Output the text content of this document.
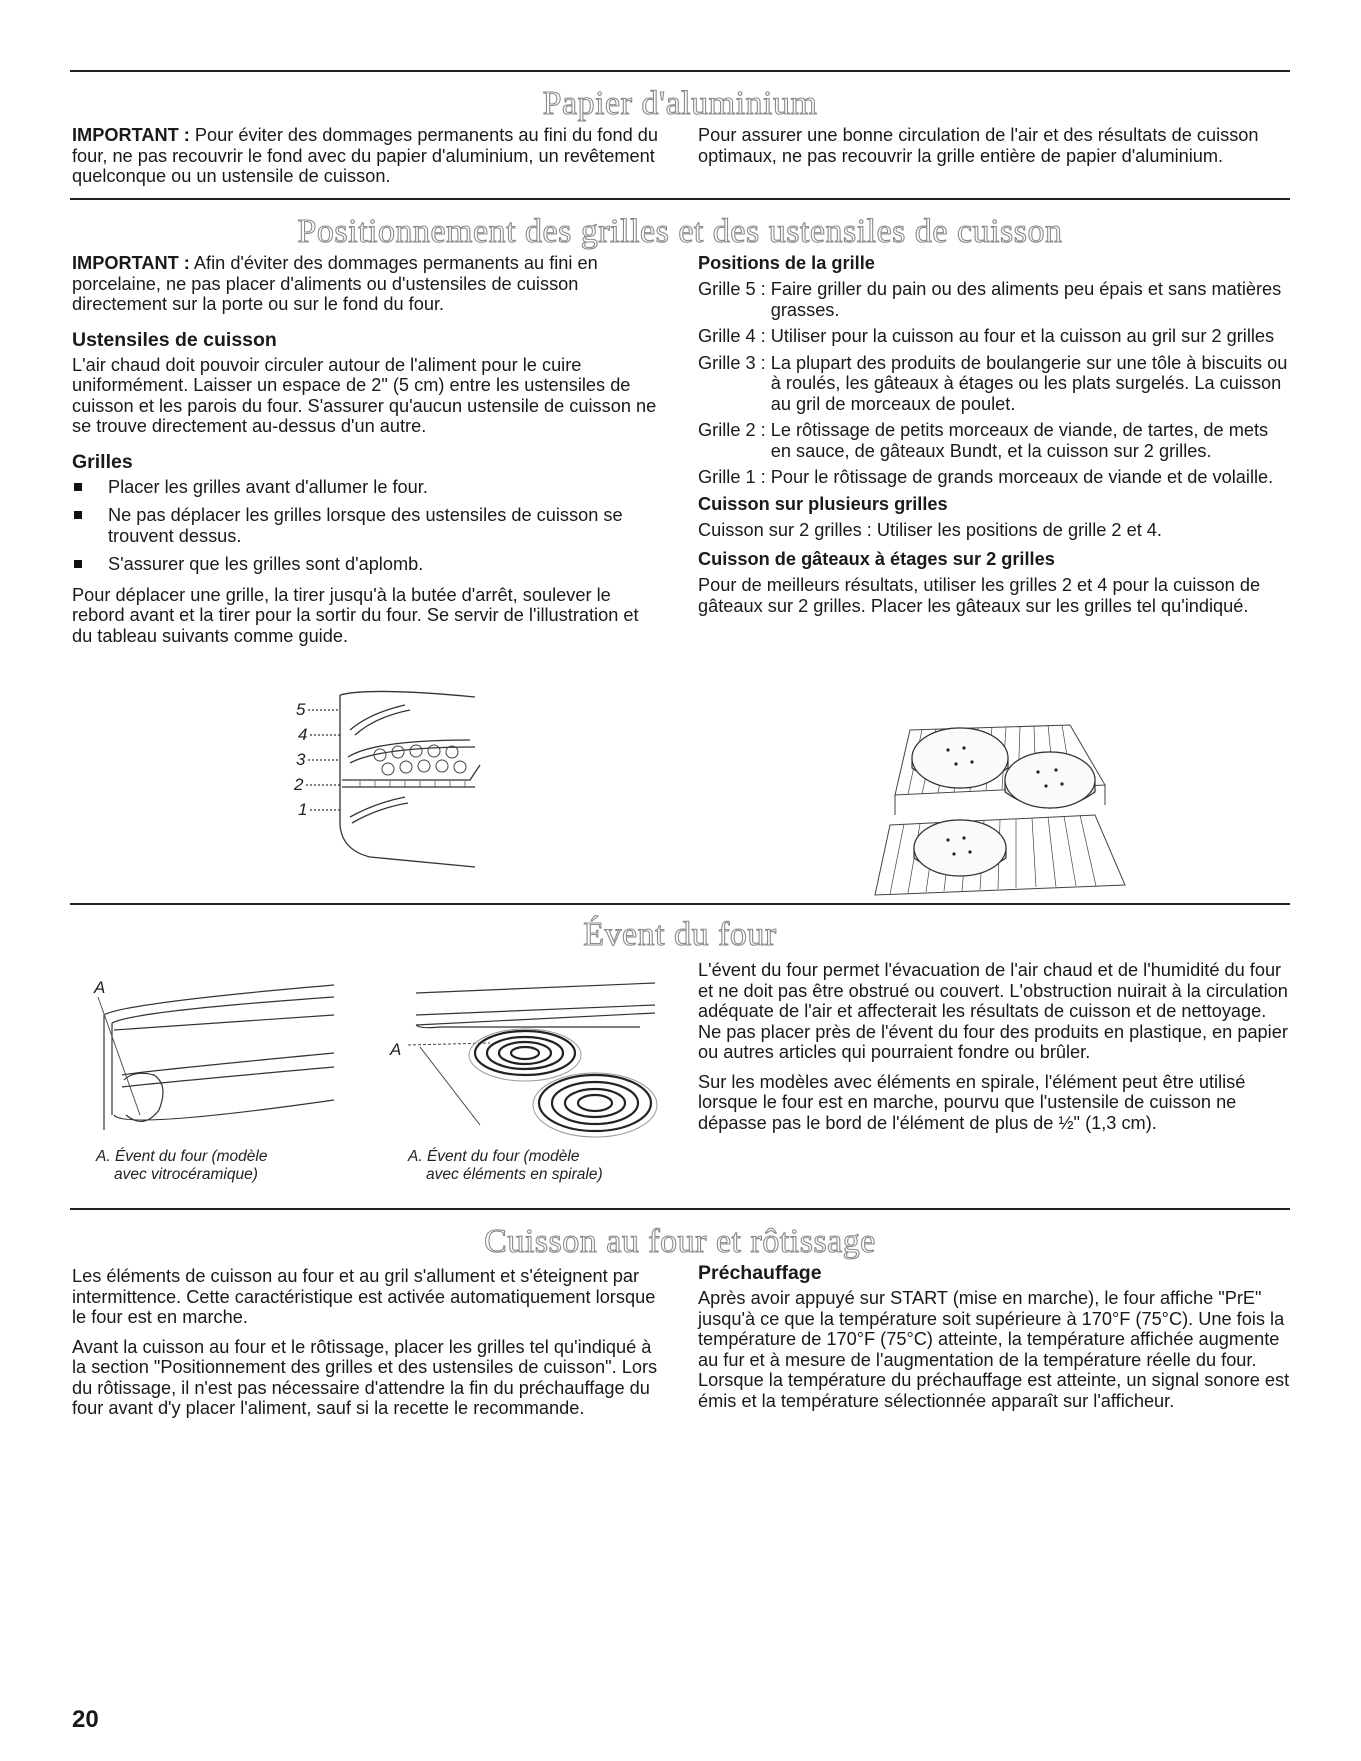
Papier d'aluminium

IMPORTANT : Pour éviter des dommages permanents au fini du fond du four, ne pas recouvrir le fond avec du papier d'aluminium, un revêtement quelconque ou un ustensile de cuisson.

Pour assurer une bonne circulation de l'air et des résultats de cuisson optimaux, ne pas recouvrir la grille entière de papier d'aluminium.

Positionnement des grilles et des ustensiles de cuisson

IMPORTANT : Afin d'éviter des dommages permanents au fini en porcelaine, ne pas placer d'aliments ou d'ustensiles de cuisson directement sur la porte ou sur le fond du four.

Ustensiles de cuisson

L'air chaud doit pouvoir circuler autour de l'aliment pour le cuire uniformément. Laisser un espace de 2" (5 cm) entre les ustensiles de cuisson et les parois du four. S'assurer qu'aucun ustensile de cuisson ne se trouve directement au-dessus d'un autre.

Grilles
Placer les grilles avant d'allumer le four.
Ne pas déplacer les grilles lorsque des ustensiles de cuisson se trouvent dessus.
S'assurer que les grilles sont d'aplomb.

Pour déplacer une grille, la tirer jusqu'à la butée d'arrêt, soulever le rebord avant et la tirer pour la sortir du four. Se servir de l'illustration et du tableau suivants comme guide.

5
4
3
2
1
Positions de la grille
Grille 5 : Faire griller du pain ou des aliments peu épais et sans matières grasses.
Grille 4 : Utiliser pour la cuisson au four et la cuisson au gril sur 2 grilles
Grille 3 : La plupart des produits de boulangerie sur une tôle à biscuits ou à roulés, les gâteaux à étages ou les plats surgelés. La cuisson au gril de morceaux de poulet.
Grille 2 : Le rôtissage de petits morceaux de viande, de tartes, de mets en sauce, de gâteaux Bundt, et la cuisson sur 2 grilles.
Grille 1 : Pour le rôtissage de grands morceaux de viande et de volaille.
Cuisson sur plusieurs grilles

Cuisson sur 2 grilles : Utiliser les positions de grille 2 et 4.

Cuisson de gâteaux à étages sur 2 grilles

Pour de meilleurs résultats, utiliser les grilles 2 et 4 pour la cuisson de gâteaux sur 2 grilles. Placer les gâteaux sur les grilles tel qu'indiqué.

Évent du four
A
A. Évent du four (modèle
avec vitrocéramique)
A
A. Évent du four (modèle
avec éléments en spirale)

L'évent du four permet l'évacuation de l'air chaud et de l'humidité du four et ne doit pas être obstrué ou couvert. L'obstruction nuirait à la circulation adéquate de l'air et affecterait les résultats de cuisson et de nettoyage. Ne pas placer près de l'évent du four des produits en plastique, en papier ou autres articles qui pourraient fondre ou brûler.

Sur les modèles avec éléments en spirale, l'élément peut être utilisé lorsque le four est en marche, pourvu que l'ustensile de cuisson ne dépasse pas le bord de l'élément de plus de ½" (1,3 cm).

Cuisson au four et rôtissage

Les éléments de cuisson au four et au gril s'allument et s'éteignent par intermittence. Cette caractéristique est activée automatiquement lorsque le four est en marche.

Avant la cuisson au four et le rôtissage, placer les grilles tel qu'indiqué à la section "Positionnement des grilles et des ustensiles de cuisson". Lors du rôtissage, il n'est pas nécessaire d'attendre la fin du préchauffage du four avant d'y placer l'aliment, sauf si la recette le recommande.

Préchauffage

Après avoir appuyé sur START (mise en marche), le four affiche "PrE" jusqu'à ce que la température soit supérieure à 170°F (75°C). Une fois la température de 170°F (75°C) atteinte, la température affichée augmente au fur et à mesure de l'augmentation de la température réelle du four. Lorsque la température du préchauffage est atteinte, un signal sonore est émis et la température sélectionnée apparaît sur l'afficheur.

20
